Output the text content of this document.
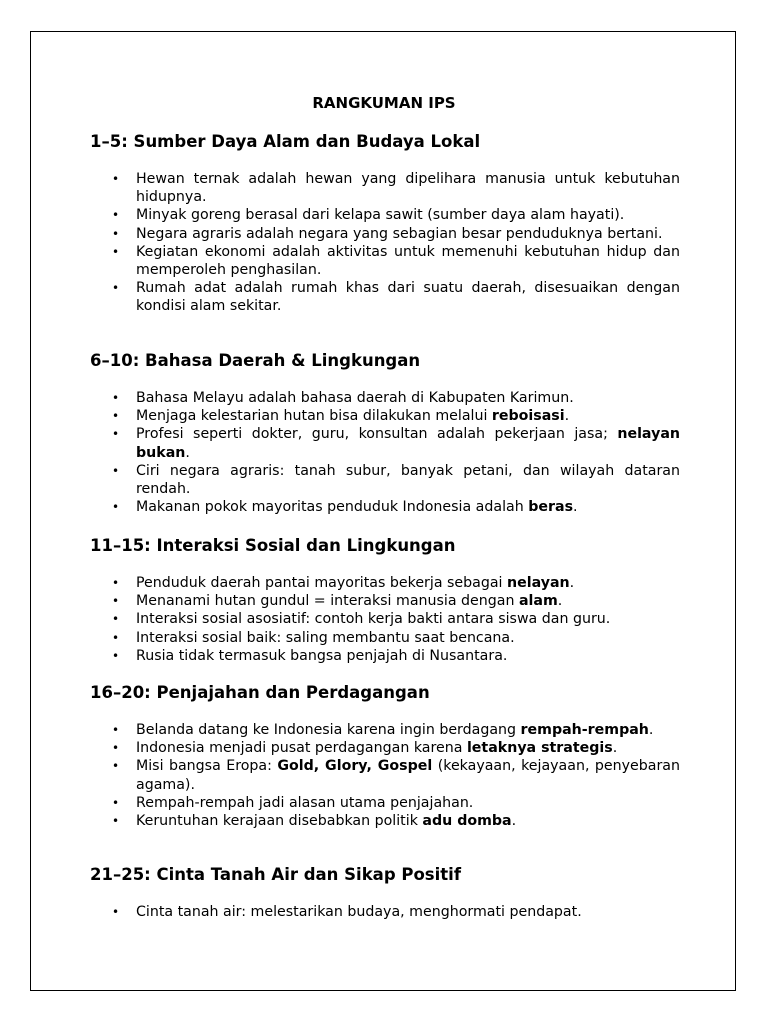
RANGKUMAN IPS
1–5: Sumber Daya Alam dan Budaya Lokal
• Hewan ternak adalah hewan yang dipelihara manusia untuk kebutuhan hidupnya.
• Minyak goreng berasal dari kelapa sawit (sumber daya alam hayati).
• Negara agraris adalah negara yang sebagian besar penduduknya bertani.
• Kegiatan ekonomi adalah aktivitas untuk memenuhi kebutuhan hidup dan memperoleh penghasilan.
• Rumah adat adalah rumah khas dari suatu daerah, disesuaikan dengan kondisi alam sekitar.
6–10: Bahasa Daerah & Lingkungan
• Bahasa Melayu adalah bahasa daerah di Kabupaten Karimun.
• Menjaga kelestarian hutan bisa dilakukan melalui reboisasi.
• Profesi seperti dokter, guru, konsultan adalah pekerjaan jasa; nelayan bukan.
• Ciri negara agraris: tanah subur, banyak petani, dan wilayah dataran rendah.
• Makanan pokok mayoritas penduduk Indonesia adalah beras.
11–15: Interaksi Sosial dan Lingkungan
• Penduduk daerah pantai mayoritas bekerja sebagai nelayan.
• Menanami hutan gundul = interaksi manusia dengan alam.
• Interaksi sosial asosiatif: contoh kerja bakti antara siswa dan guru.
• Interaksi sosial baik: saling membantu saat bencana.
• Rusia tidak termasuk bangsa penjajah di Nusantara.
16–20: Penjajahan dan Perdagangan
• Belanda datang ke Indonesia karena ingin berdagang rempah-rempah.
• Indonesia menjadi pusat perdagangan karena letaknya strategis.
• Misi bangsa Eropa: Gold, Glory, Gospel (kekayaan, kejayaan, penyebaran agama).
• Rempah-rempah jadi alasan utama penjajahan.
• Keruntuhan kerajaan disebabkan politik adu domba.
21–25: Cinta Tanah Air dan Sikap Positif
• Cinta tanah air: melestarikan budaya, menghormati pendapat.
